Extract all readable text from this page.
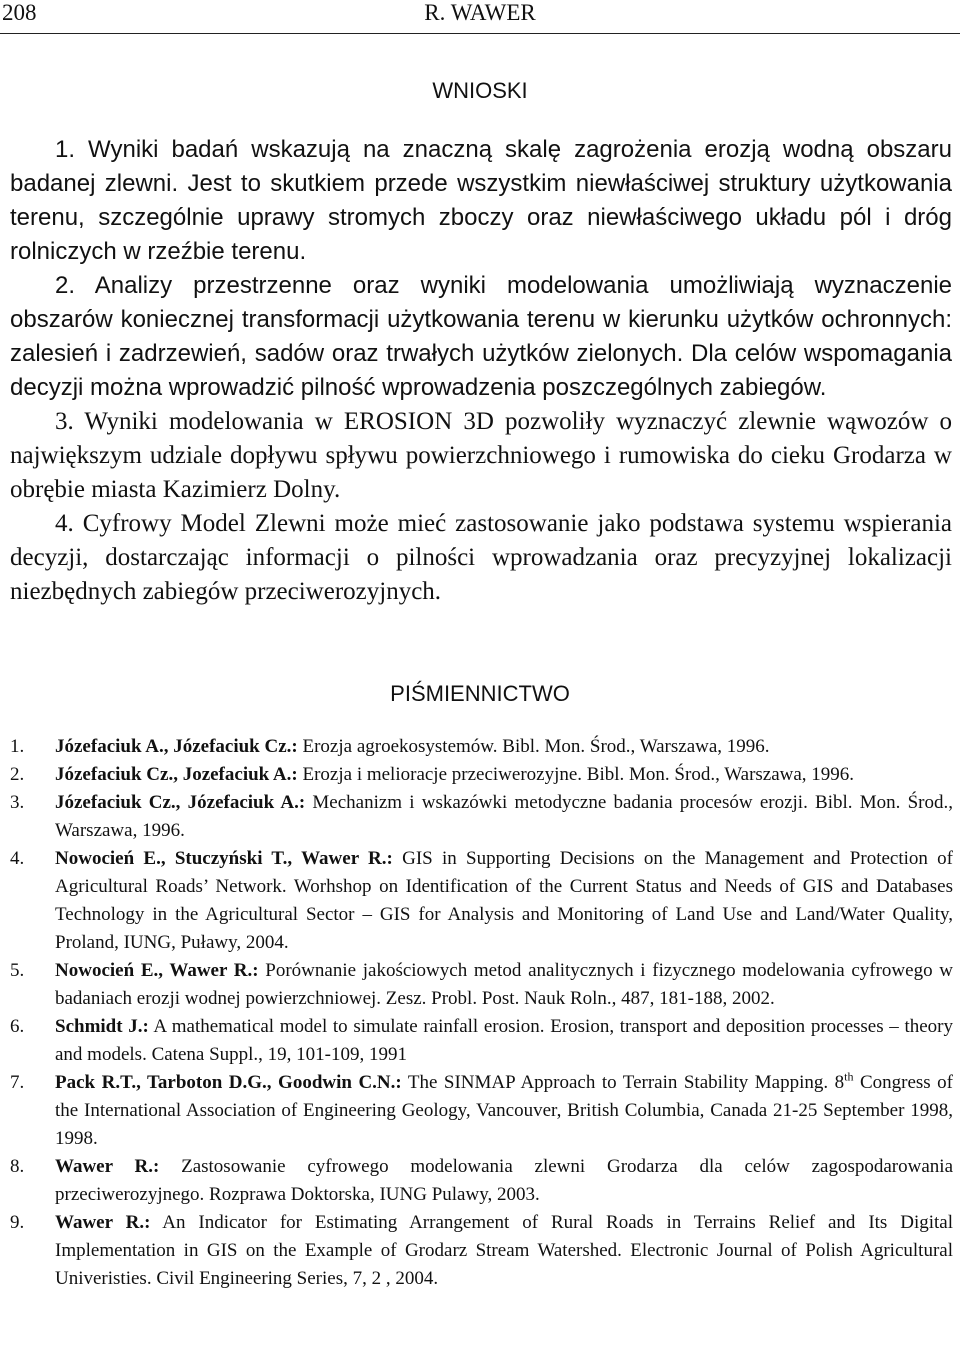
208	R. WAWER
WNIOSKI

1. Wyniki badań wskazują na znaczną skalę zagrożenia erozją wodną obszaru badanej zlewni. Jest to skutkiem przede wszystkim niewłaściwej struktury użytkowania terenu, szczególnie uprawy stromych zboczy oraz niewłaściwego układu pól i dróg rolniczych w rzeźbie terenu.

2. Analizy przestrzenne oraz wyniki modelowania umożliwiają wyznaczenie obszarów koniecznej transformacji użytkowania terenu w kierunku użytków ochronnych: zalesień i zadrzewień, sadów oraz trwałych użytków zielonych. Dla celów wspomagania decyzji można wprowadzić pilność wprowadzenia poszczególnych zabiegów.

3. Wyniki modelowania w EROSION 3D pozwoliły wyznaczyć zlewnie wąwozów o największym udziale dopływu spływu powierzchniowego i rumowiska do cieku Grodarza w obrębie miasta Kazimierz Dolny.

4. Cyfrowy Model Zlewni może mieć zastosowanie jako podstawa systemu wspierania decyzji, dostarczając informacji o pilności wprowadzania oraz precyzyjnej lokalizacji niezbędnych zabiegów przeciwerozyjnych.

PIŚMIENNICTWO
1. Józefaciuk A., Józefaciuk Cz.: Erozja agroekosystemów. Bibl. Mon. Środ., Warszawa, 1996.
2. Józefaciuk Cz., Jozefaciuk A.: Erozja i melioracje przeciwerozyjne. Bibl. Mon. Środ., Warszawa, 1996.
3. Józefaciuk Cz., Józefaciuk A.: Mechanizm i wskazówki metodyczne badania procesów erozji. Bibl. Mon. Środ., Warszawa, 1996.
4. Nowocień E., Stuczyński T., Wawer R.: GIS in Supporting Decisions on the Management and Protection of Agricultural Roads’ Network. Worhshop on Identification of the Current Status and Needs of GIS and Databases Technology in the Agricultural Sector – GIS for Analysis and Monitoring of Land Use and Land/Water Quality, Proland, IUNG, Puławy, 2004.
5. Nowocień E., Wawer R.: Porównanie jakościowych metod analitycznych i fizycznego modelowania cyfrowego w badaniach erozji wodnej powierzchniowej. Zesz. Probl. Post. Nauk Roln., 487, 181-188, 2002.
6. Schmidt J.: A mathematical model to simulate rainfall erosion. Erosion, transport and deposition processes – theory and models. Catena Suppl., 19, 101-109, 1991
7. Pack R.T., Tarboton D.G., Goodwin C.N.: The SINMAP Approach to Terrain Stability Mapping. 8th Congress of the International Association of Engineering Geology, Vancouver, British Columbia, Canada 21-25 September 1998, 1998.
8. Wawer R.: Zastosowanie cyfrowego modelowania zlewni Grodarza dla celów zagospodarowania przeciwerozyjnego. Rozprawa Doktorska, IUNG Pulawy, 2003.
9. Wawer R.: An Indicator for Estimating Arrangement of Rural Roads in Terrains Relief and Its Digital Implementation in GIS on the Example of Grodarz Stream Watershed. Electronic Journal of Polish Agricultural Univeristies. Civil Engineering Series, 7, 2 , 2004.
